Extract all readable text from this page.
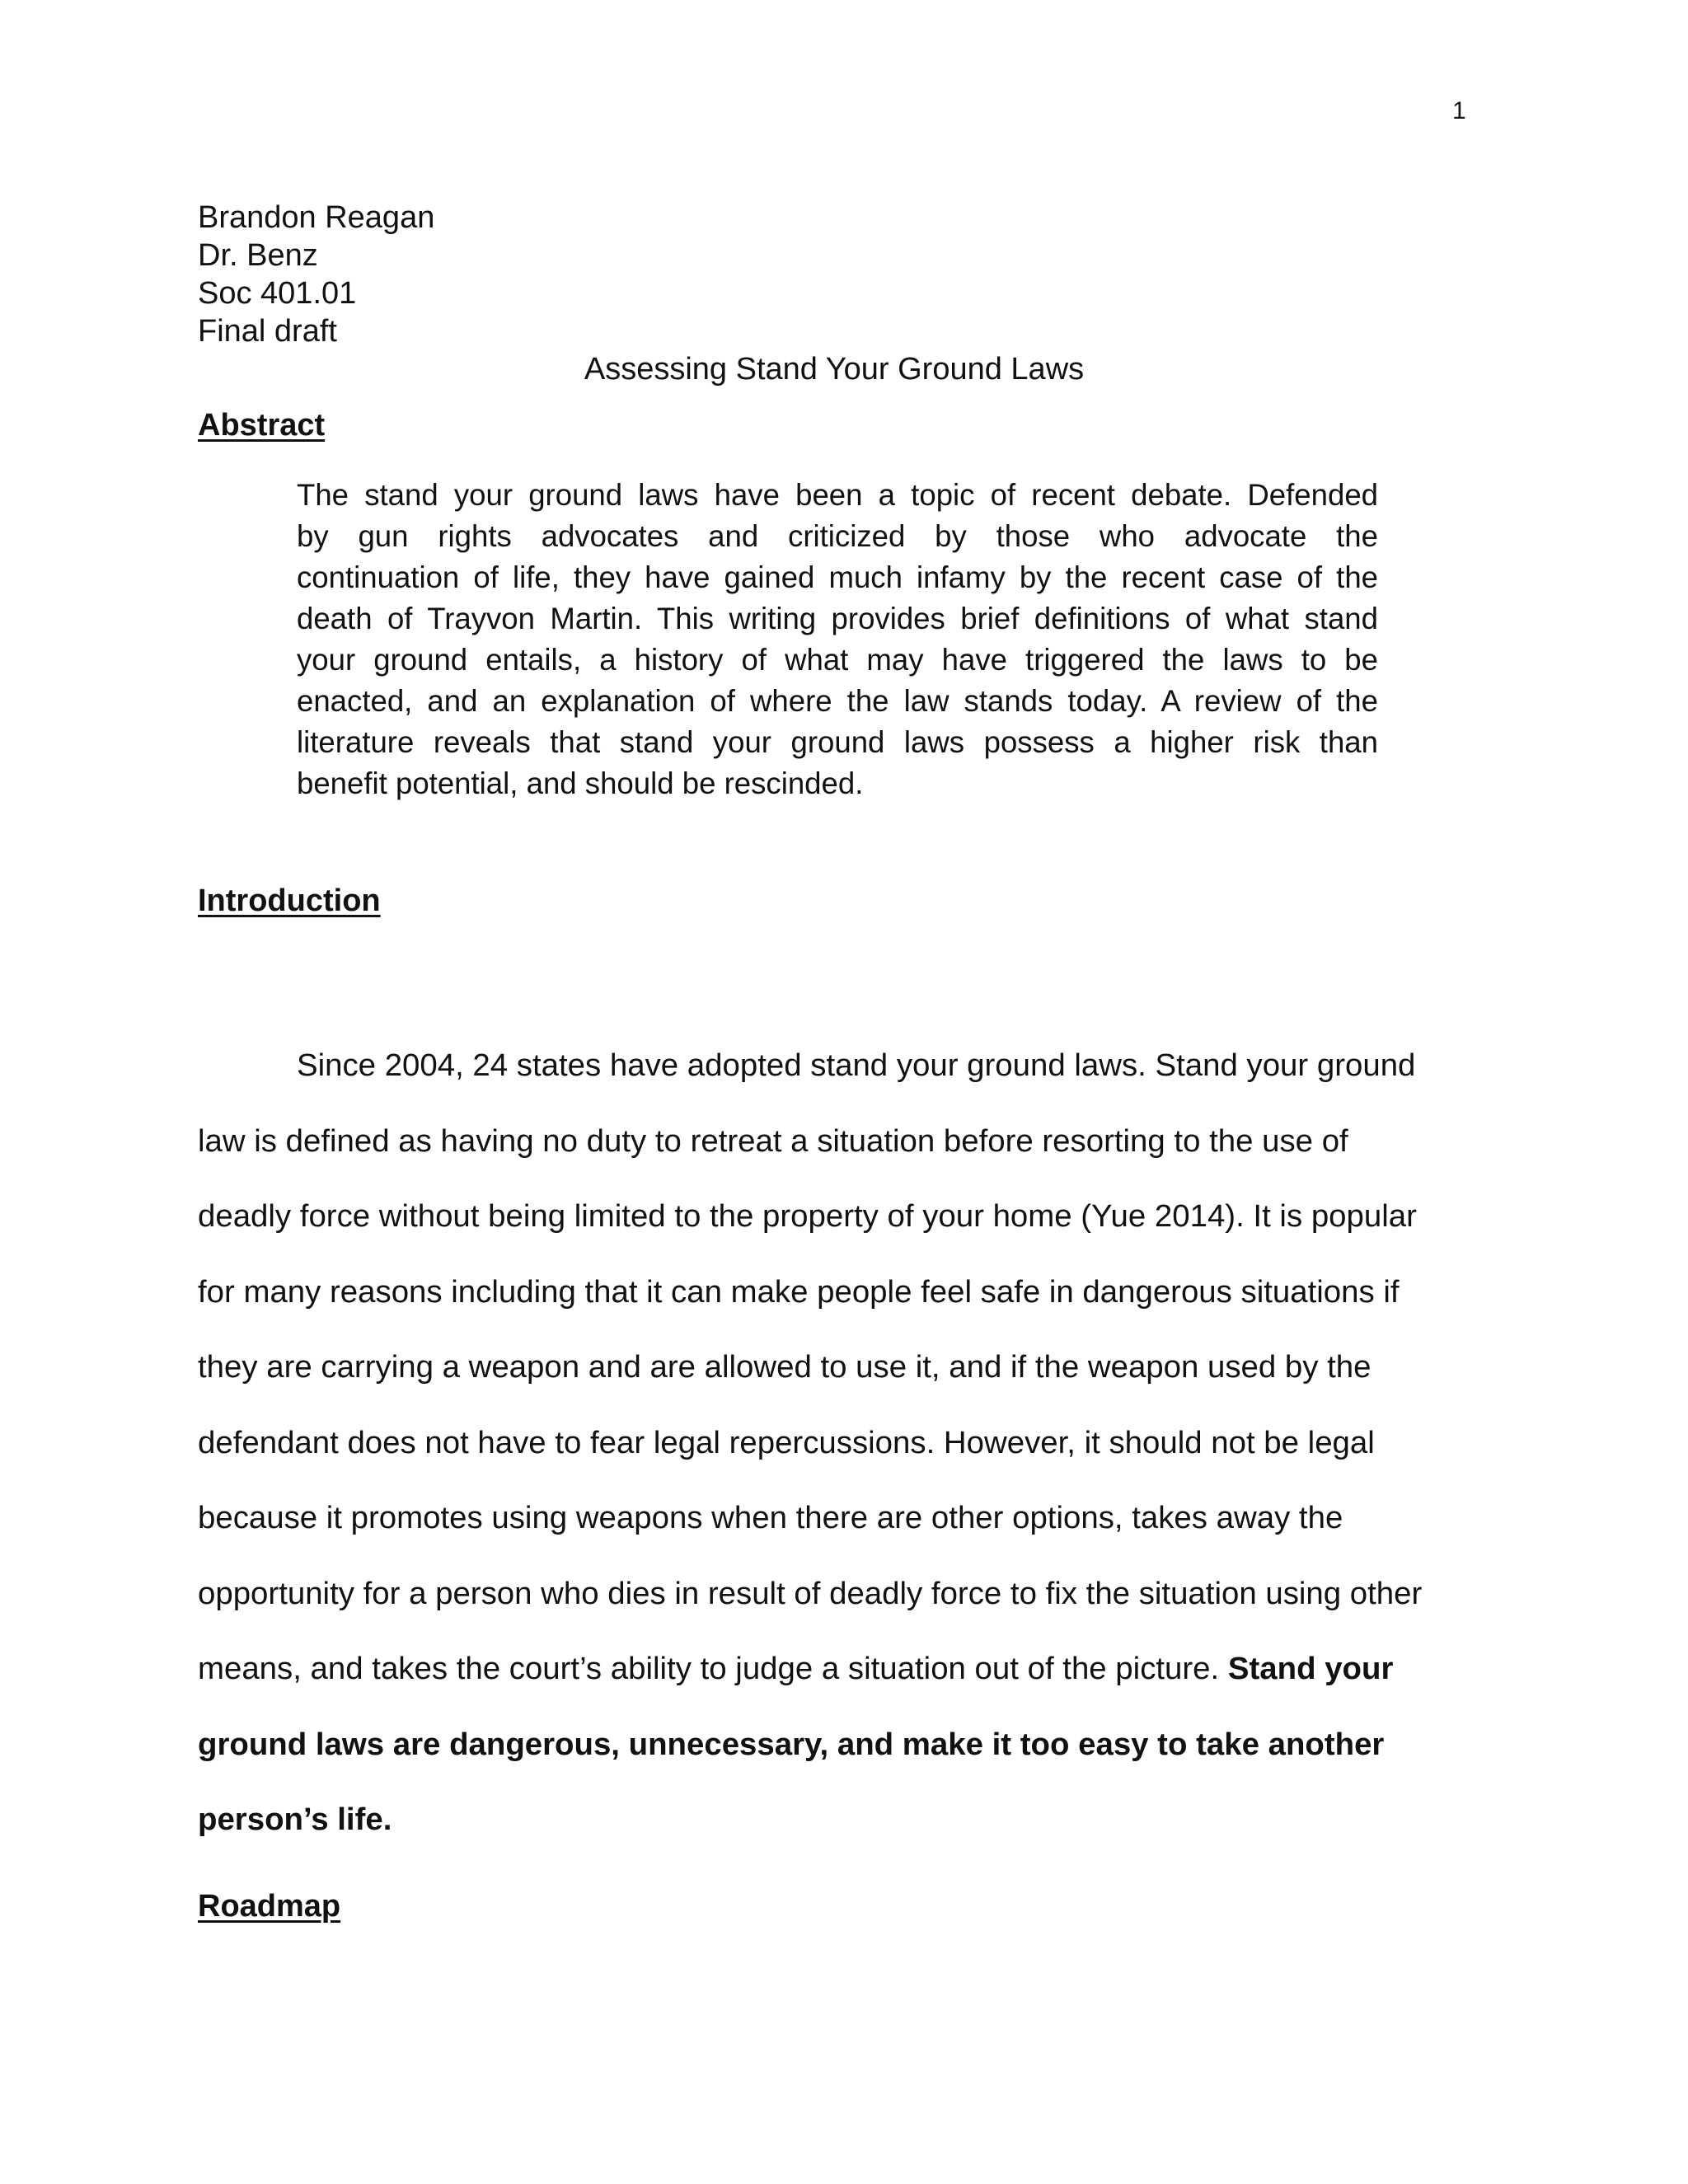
1
Brandon Reagan
Dr. Benz
Soc 401.01
Final draft
Assessing Stand Your Ground Laws
Abstract
The stand your ground laws have been a topic of recent debate. Defended
by gun rights advocates and criticized by those who advocate the
continuation of life, they have gained much infamy by the recent case of the
death of Trayvon Martin. This writing provides brief definitions of what stand
your ground entails, a history of what may have triggered the laws to be
enacted, and an explanation of where the law stands today. A review of the
literature reveals that stand your ground laws possess a higher risk than
benefit potential, and should be rescinded.
Introduction
Since 2004, 24 states have adopted stand your ground laws. Stand your ground
law is defined as having no duty to retreat a situation before resorting to the use of
deadly force without being limited to the property of your home (Yue 2014). It is popular
for many reasons including that it can make people feel safe in dangerous situations if
they are carrying a weapon and are allowed to use it, and if the weapon used by the
defendant does not have to fear legal repercussions. However, it should not be legal
because it promotes using weapons when there are other options, takes away the
opportunity for a person who dies in result of deadly force to fix the situation using other
means, and takes the court’s ability to judge a situation out of the picture. Stand your
ground laws are dangerous, unnecessary, and make it too easy to take another
person’s life.
Roadmap
